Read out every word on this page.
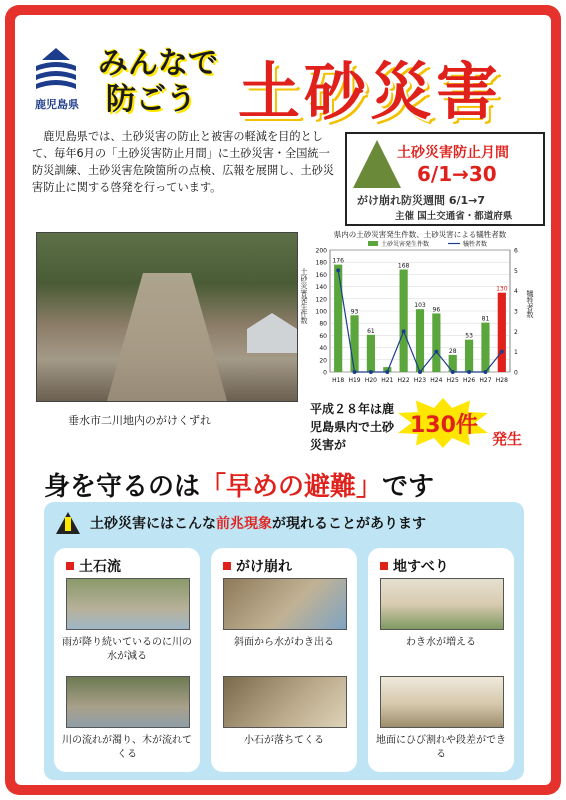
鹿児島県
みんなで
防ごう 土砂災害
鹿児島県では、土砂災害の防止と被害の軽減を目的として、毎年6月の「土砂災害防止月間」に土砂災害・全国統一防災訓練、土砂災害危険箇所の点検、広報を展開し、土砂災害防止に関する啓発を行っています。
土砂災害防止月間
6/1→30
がけ崩れ防災週間 6/1→7
主催 国土交通省・都道府県
垂水市二川地内のがけくずれ
県内の土砂災害発生件数、土砂災害による犠牲者数
土砂災害発生件数	犠牲者数
0
20
40
60
80
100
120
140
160
180
200
0
1
2
3
4
5
6
土砂災害発生件数	犠牲者数
176
H18
93
H19
61
H20 H21
168
H22
103
H23
96
H24
28
H25
53
H26
81
H27
130
H28
平成２８年は鹿児島県内で土砂災害が
130件
発生
身を守るのは「早めの避難」です
土砂災害にはこんな前兆現象が現れることがあります
土石流
雨が降り続いているのに川の水が減る
川の流れが濁り、木が流れてくる
がけ崩れ
斜面から水がわき出る
小石が落ちてくる
地すべり
わき水が増える
地面にひび割れや段差ができる
